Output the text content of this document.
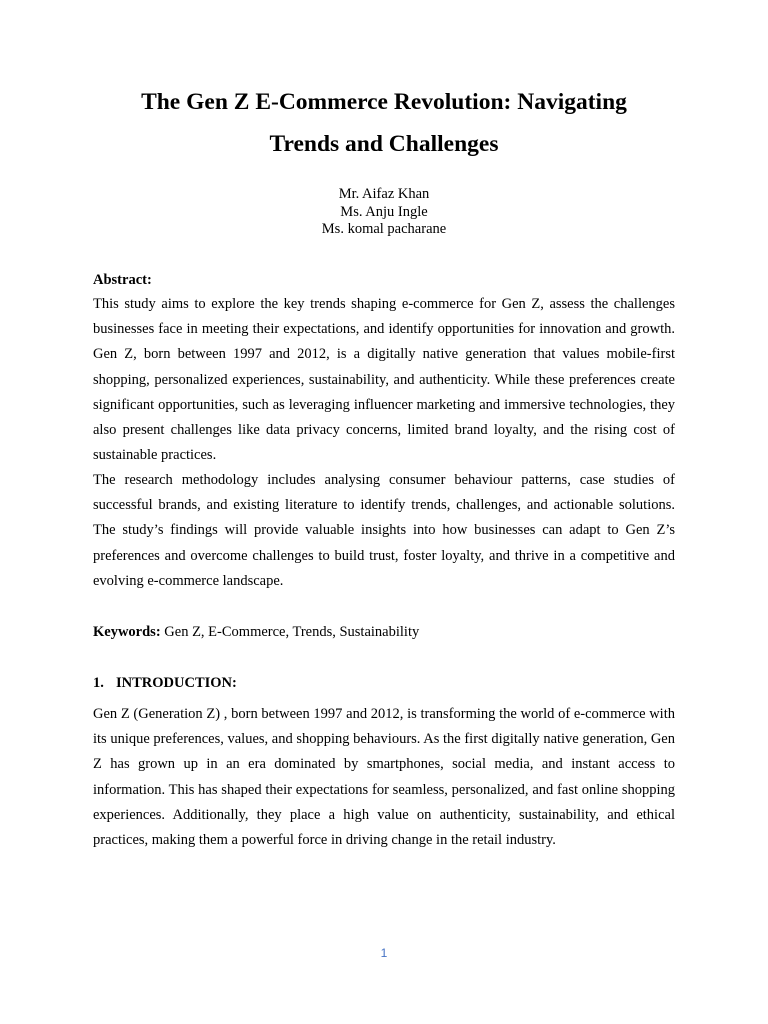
The Gen Z E-Commerce Revolution: Navigating
Trends and Challenges
Mr. Aifaz Khan
Ms. Anju Ingle
Ms. komal pacharane
Abstract:

This study aims to explore the key trends shaping e-commerce for Gen Z, assess the challenges businesses face in meeting their expectations, and identify opportunities for innovation and growth. Gen Z, born between 1997 and 2012, is a digitally native generation that values mobile-first shopping, personalized experiences, sustainability, and authenticity. While these preferences create significant opportunities, such as leveraging influencer marketing and immersive technologies, they also present challenges like data privacy concerns, limited brand loyalty, and the rising cost of sustainable practices.

The research methodology includes analysing consumer behaviour patterns, case studies of successful brands, and existing literature to identify trends, challenges, and actionable solutions. The study’s findings will provide valuable insights into how businesses can adapt to Gen Z’s preferences and overcome challenges to build trust, foster loyalty, and thrive in a competitive and evolving e-commerce landscape.

Keywords: Gen Z, E-Commerce, Trends, Sustainability
1. INTRODUCTION:

Gen Z (Generation Z) , born between 1997 and 2012, is transforming the world of e-commerce with its unique preferences, values, and shopping behaviours. As the first digitally native generation, Gen Z has grown up in an era dominated by smartphones, social media, and instant access to information. This has shaped their expectations for seamless, personalized, and fast online shopping experiences. Additionally, they place a high value on authenticity, sustainability, and ethical practices, making them a powerful force in driving change in the retail industry.

1
